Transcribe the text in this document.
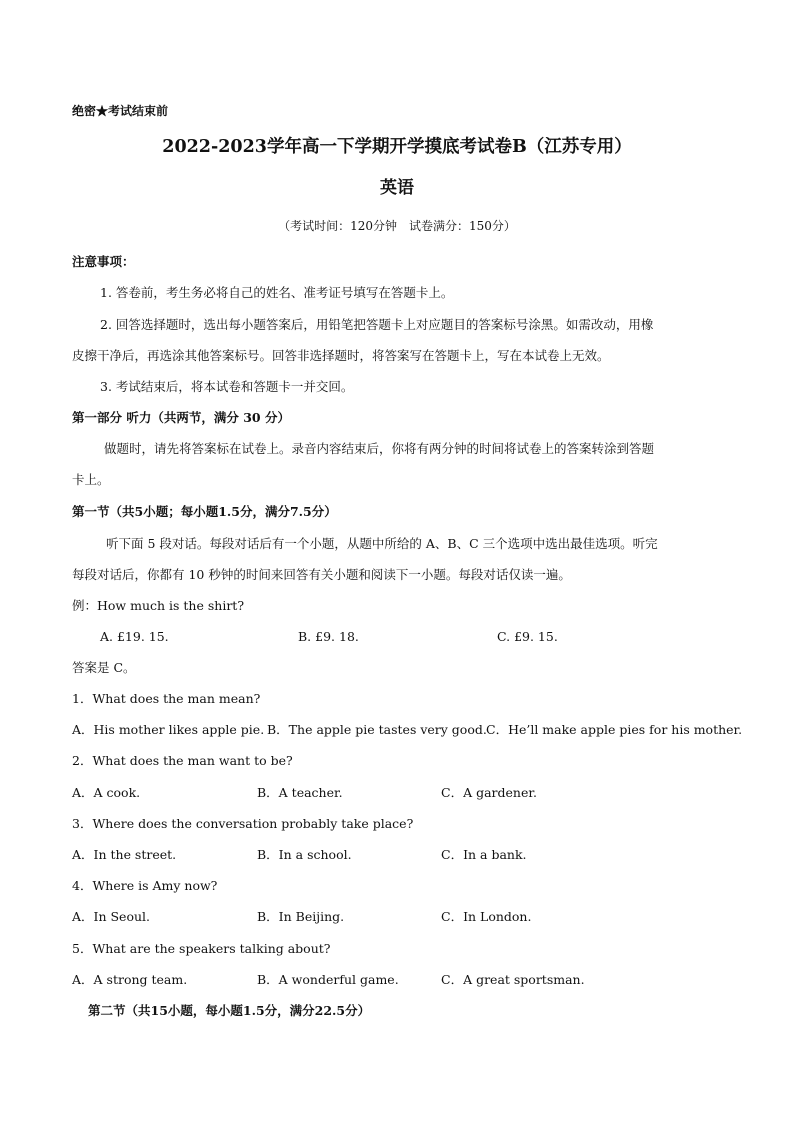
绝密★考试结束前
2022-2023学年高一下学期开学摸底考试卷B（江苏专用）
英语
（考试时间：120分钟　试卷满分：150分）
注意事项：
1. 答卷前，考生务必将自己的姓名、准考证号填写在答题卡上。
2. 回答选择题时，选出每小题答案后，用铅笔把答题卡上对应题目的答案标号涂黑。如需改动，用橡
皮擦干净后，再选涂其他答案标号。回答非选择题时，将答案写在答题卡上，写在本试卷上无效。
3. 考试结束后，将本试卷和答题卡一并交回。
第一部分 听力（共两节，满分 30 分）
做题时，请先将答案标在试卷上。录音内容结束后，你将有两分钟的时间将试卷上的答案转涂到答题
卡上。
第一节（共5小题；每小题1.5分，满分7.5分）
听下面 5 段对话。每段对话后有一个小题，从题中所给的 A、B、C 三个选项中选出最佳选项。听完
每段对话后，你都有 10 秒钟的时间来回答有关小题和阅读下一小题。每段对话仅读一遍。
例：How much is the shirt?
A. £19. 15.	B. £9. 18.	C. £9. 15.
答案是 C。
1．What does the man mean?
A．His mother likes apple pie. B．The apple pie tastes very good. C．He’ll make apple pies for his mother.
2．What does the man want to be?
A．A cook.	B．A teacher.	C．A gardener.
3．Where does the conversation probably take place?
A．In the street.	B．In a school.	C．In a bank.
4．Where is Amy now?
A．In Seoul.	B．In Beijing.	C．In London.
5．What are the speakers talking about?
A．A strong team.	B．A wonderful game.	C．A great sportsman.
第二节（共15小题，每小题1.5分，满分22.5分）
